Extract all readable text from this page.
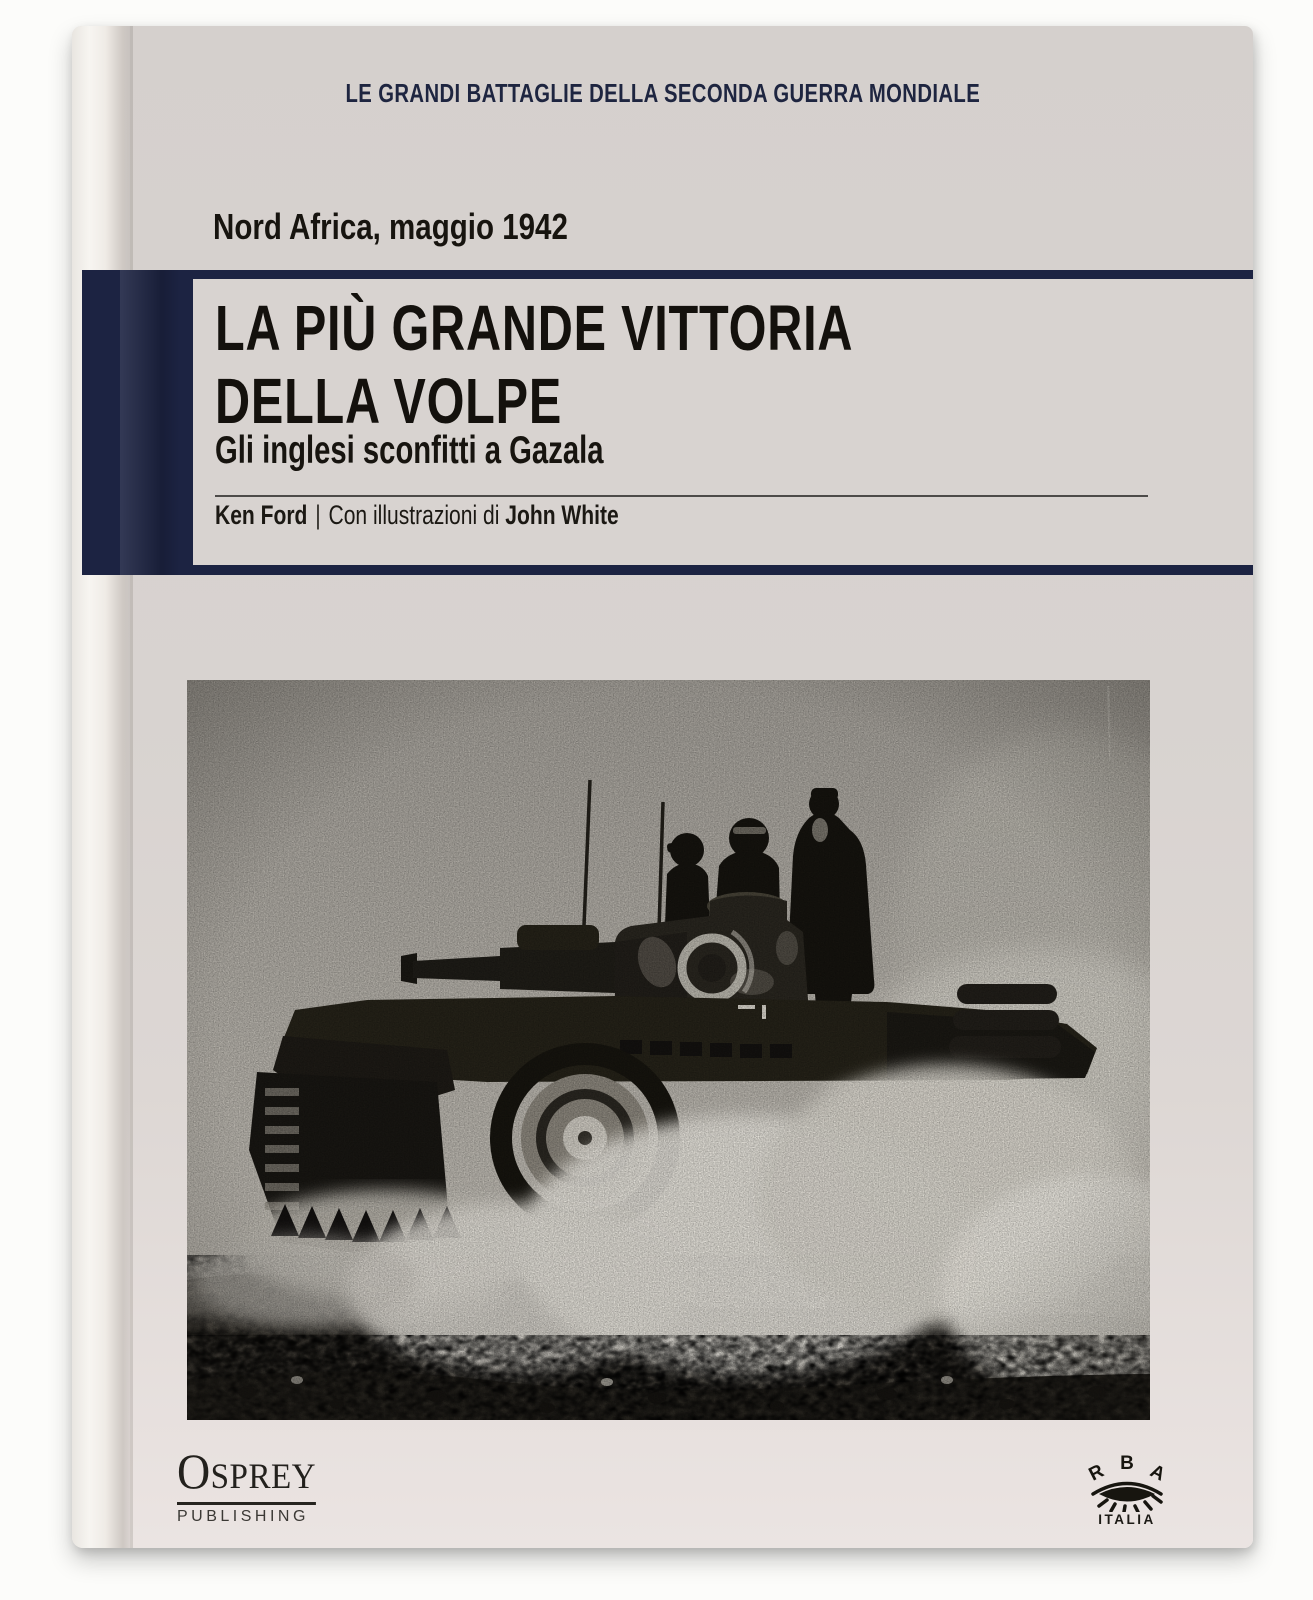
LE GRANDI BATTAGLIE DELLA SECONDA GUERRA MONDIALE
Nord Africa, maggio 1942
LA PIÙ GRANDE VITTORIA
DELLA VOLPE
Gli inglesi sconfitti a Gazala
Ken Ford | Con illustrazioni di John White
OSPREY
PUBLISHING
R B A
ITALIA
